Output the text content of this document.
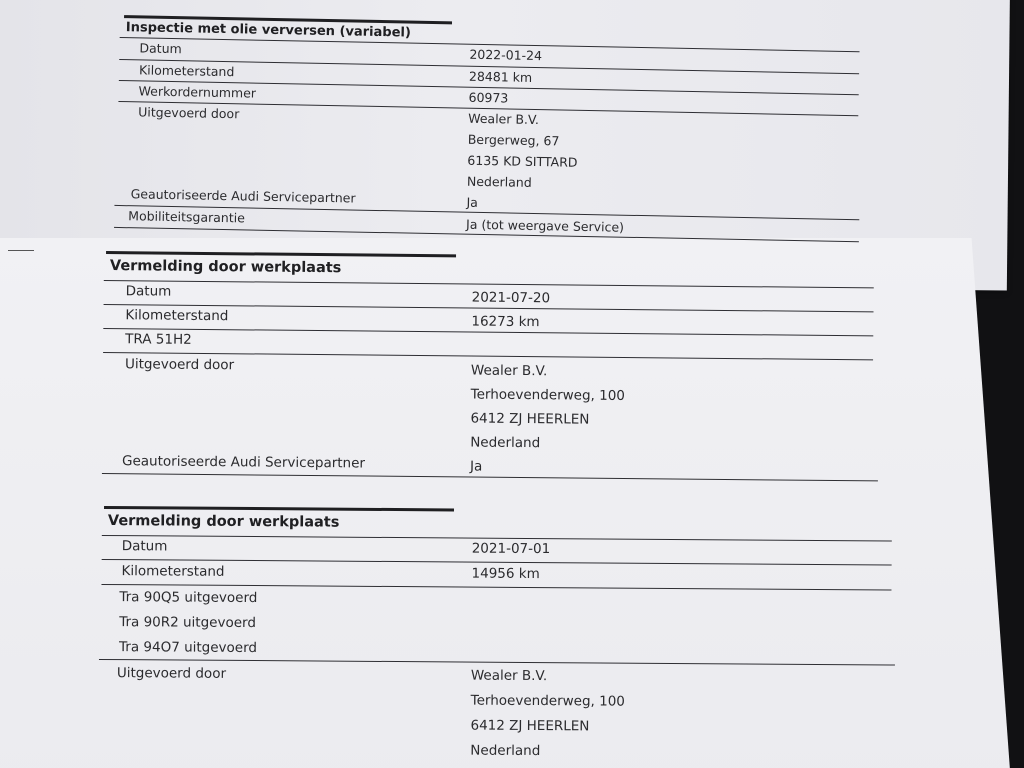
Inspectie met olie verversen (variabel)
Datum	2022-01-24
Kilometerstand	28481 km
Werkordernummer	60973
Uitgevoerd door	Wealer B.V.
Bergerweg, 67
6135 KD SITTARD
Nederland
Geautoriseerde Audi Servicepartner	Ja
Mobiliteitsgarantie	Ja (tot weergave Service)
Vermelding door werkplaats
Datum	2021-07-20
Kilometerstand	16273 km
TRA 51H2
Uitgevoerd door	Wealer B.V.
Terhoevenderweg, 100
6412 ZJ HEERLEN
Nederland
Geautoriseerde Audi Servicepartner	Ja
Vermelding door werkplaats
Datum	2021-07-01
Kilometerstand	14956 km
Tra 90Q5 uitgevoerd
Tra 90R2 uitgevoerd
Tra 94O7 uitgevoerd
Uitgevoerd door	Wealer B.V.
Terhoevenderweg, 100
6412 ZJ HEERLEN
Nederland
